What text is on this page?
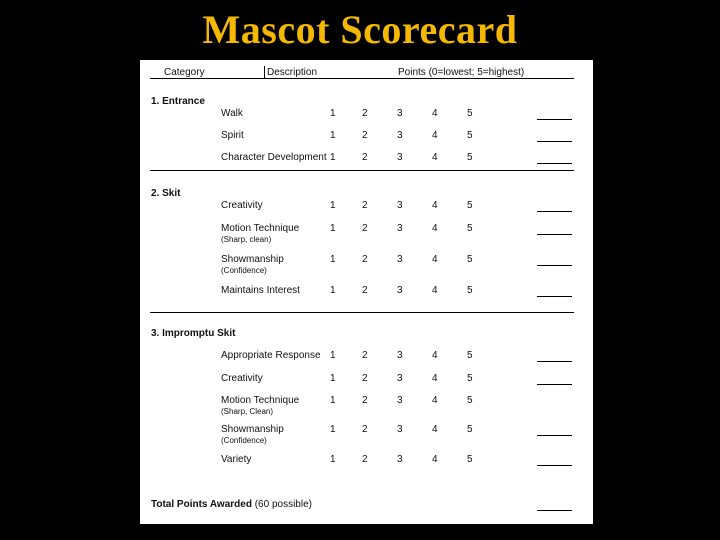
Mascot Scorecard
Category	Description	Points (0=lowest; 5=highest)
1. Entrance
Walk	1	2	3	4	5
Spirit	1	2	3	4	5
Character Development 1	2	3	4	5
2. Skit
Creativity	1	2	3	4	5
Motion Technique
(Sharp, clean)
1	2	3	4	5
Showmanship
(Confidence)
1	2	3	4	5
Maintains Interest	1	2	3	4	5
3. Impromptu Skit
Appropriate Response 1	2	3	4	5
Creativity	1	2	3	4	5
Motion Technique
(Sharp, Clean)
1	2	3	4	5
Showmanship
(Confidence)
1	2	3	4	5
Variety	1	2	3	4	5
Total Points Awarded (60 possible)
